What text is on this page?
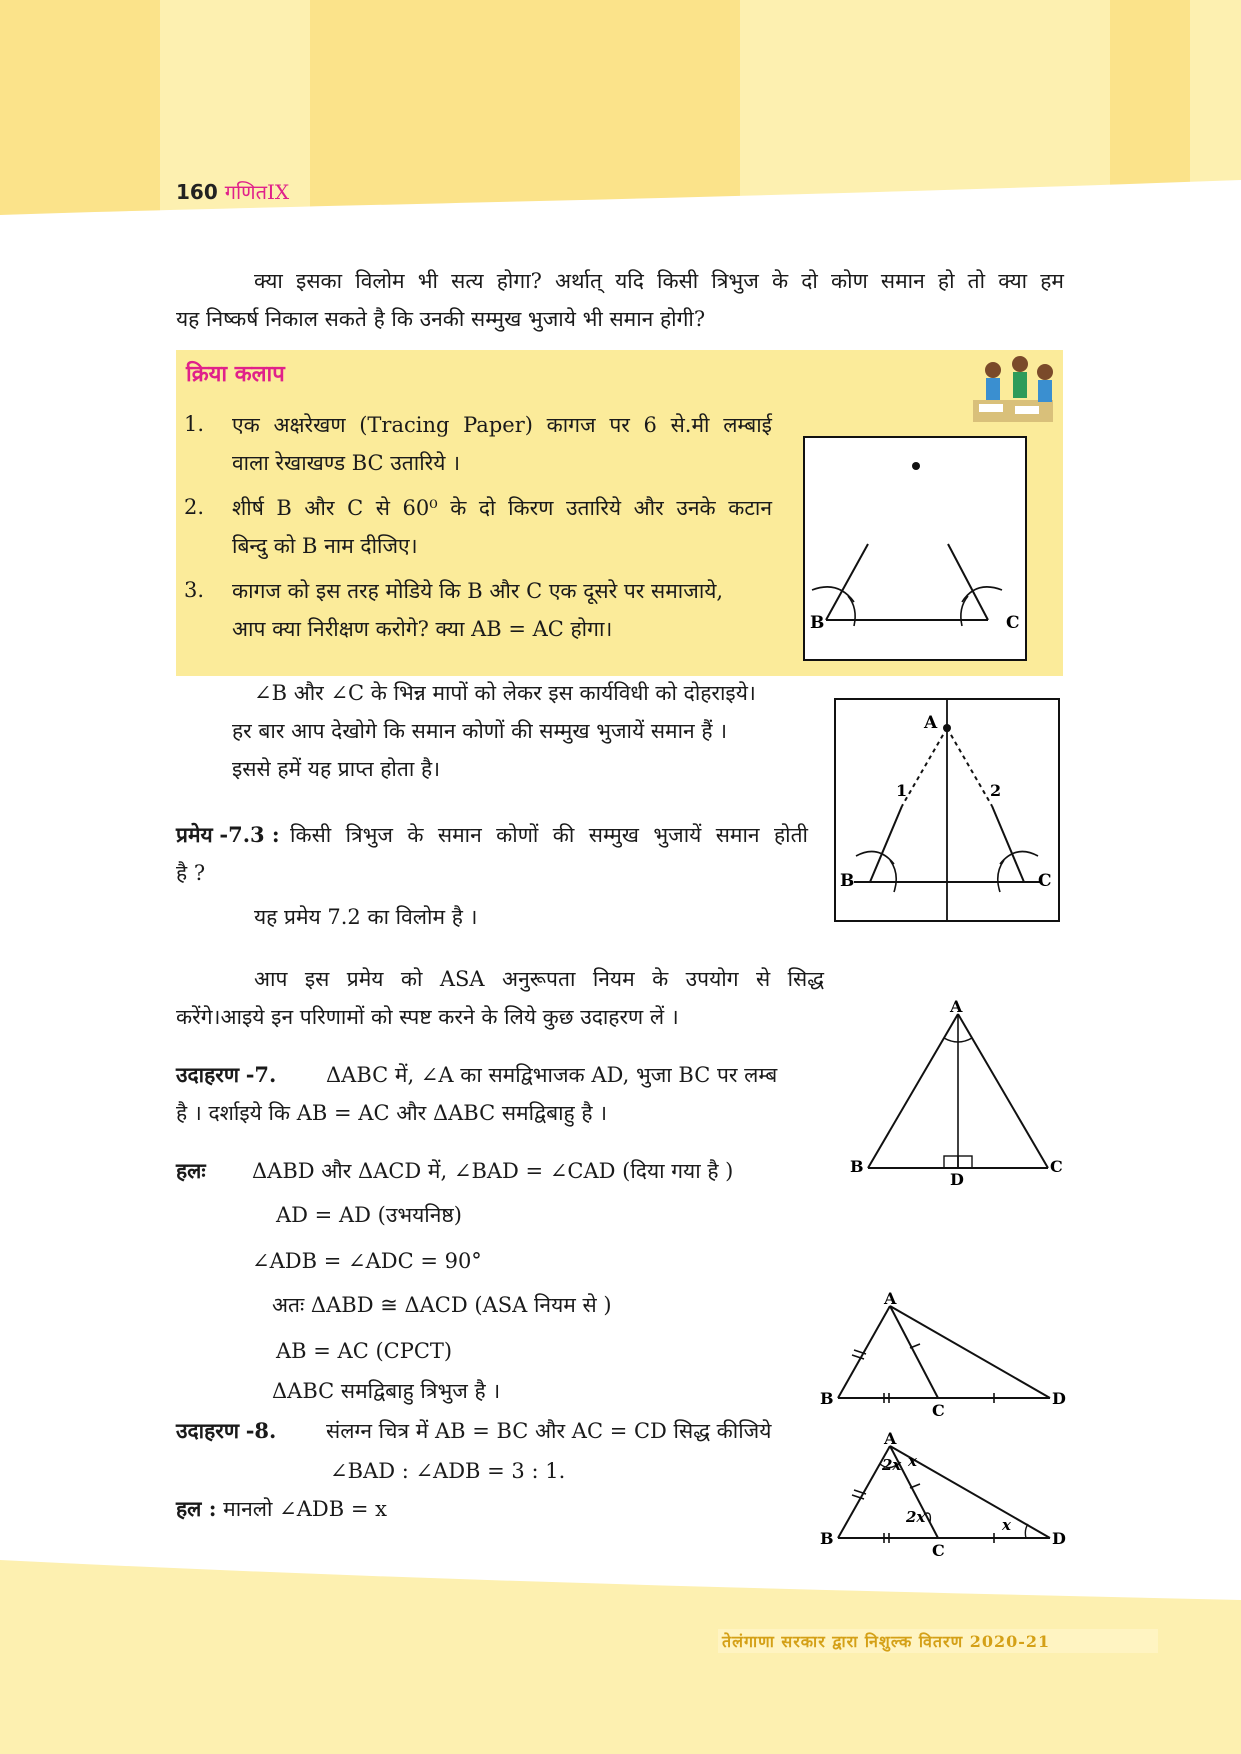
160 गणितIX
क्या इसका विलोम भी सत्य होगा? अर्थात् यदि किसी त्रिभुज के दो कोण समान हो तो क्या हम
यह निष्कर्ष निकाल सकते है कि उनकी सम्मुख भुजाये भी समान होगी?
क्रिया कलाप
1. एक अक्षरेखण (Tracing Paper) कागज पर 6 से.मी लम्बाई
वाला रेखाखण्ड BC उतारिये ।
2. शीर्ष B और C से 60⁰ के दो किरण उतारिये और उनके कटान
बिन्दु को B नाम दीजिए।
3. कागज को इस तरह मोडिये कि B और C एक दूसरे पर समाजाये,
आप क्या निरीक्षण करोगे? क्या AB = AC होगा।	B	C
∠B और ∠C के भिन्न मापों को लेकर इस कार्यविधी को दोहराइये।
हर बार आप देखोगे कि समान कोणों की सम्मुख भुजायें समान हैं ।
इससे हमें यह प्राप्त होता है।
A
1	2
B	C
प्रमेय -7.3 : किसी त्रिभुज के समान कोणों की सम्मुख भुजायें समान होती
है ?
यह प्रमेय 7.2 का विलोम है ।
आप इस प्रमेय को ASA अनुरूपता नियम के उपयोग से सिद्ध
करेंगे।आइये इन परिणामों को स्पष्ट करने के लिये कुछ उदाहरण लें ।	A
B	C
D
उदाहरण -7. ΔABC में, ∠A का समद्विभाजक AD, भुजा BC पर लम्ब
है । दर्शाइये कि AB = AC और ΔABC समद्विबाहु है ।
हलः ΔABD और ΔACD में, ∠BAD = ∠CAD (दिया गया है )
AD = AD (उभयनिष्ठ)
∠ADB = ∠ADC = 90°
अतः ΔABD ≅ ΔACD (ASA नियम से )
AB = AC (CPCT)
ΔABC समद्विबाहु त्रिभुज है ।
A
B
C
D
उदाहरण -8. संलग्न चित्र में AB = BC और AC = CD सिद्ध कीजिये
∠BAD : ∠ADB = 3 : 1.
हल : मानलो ∠ADB = x
A
B
C
D
2x x
2x	x
तेलंगाणा सरकार द्वारा निशुल्क वितरण 2020-21
